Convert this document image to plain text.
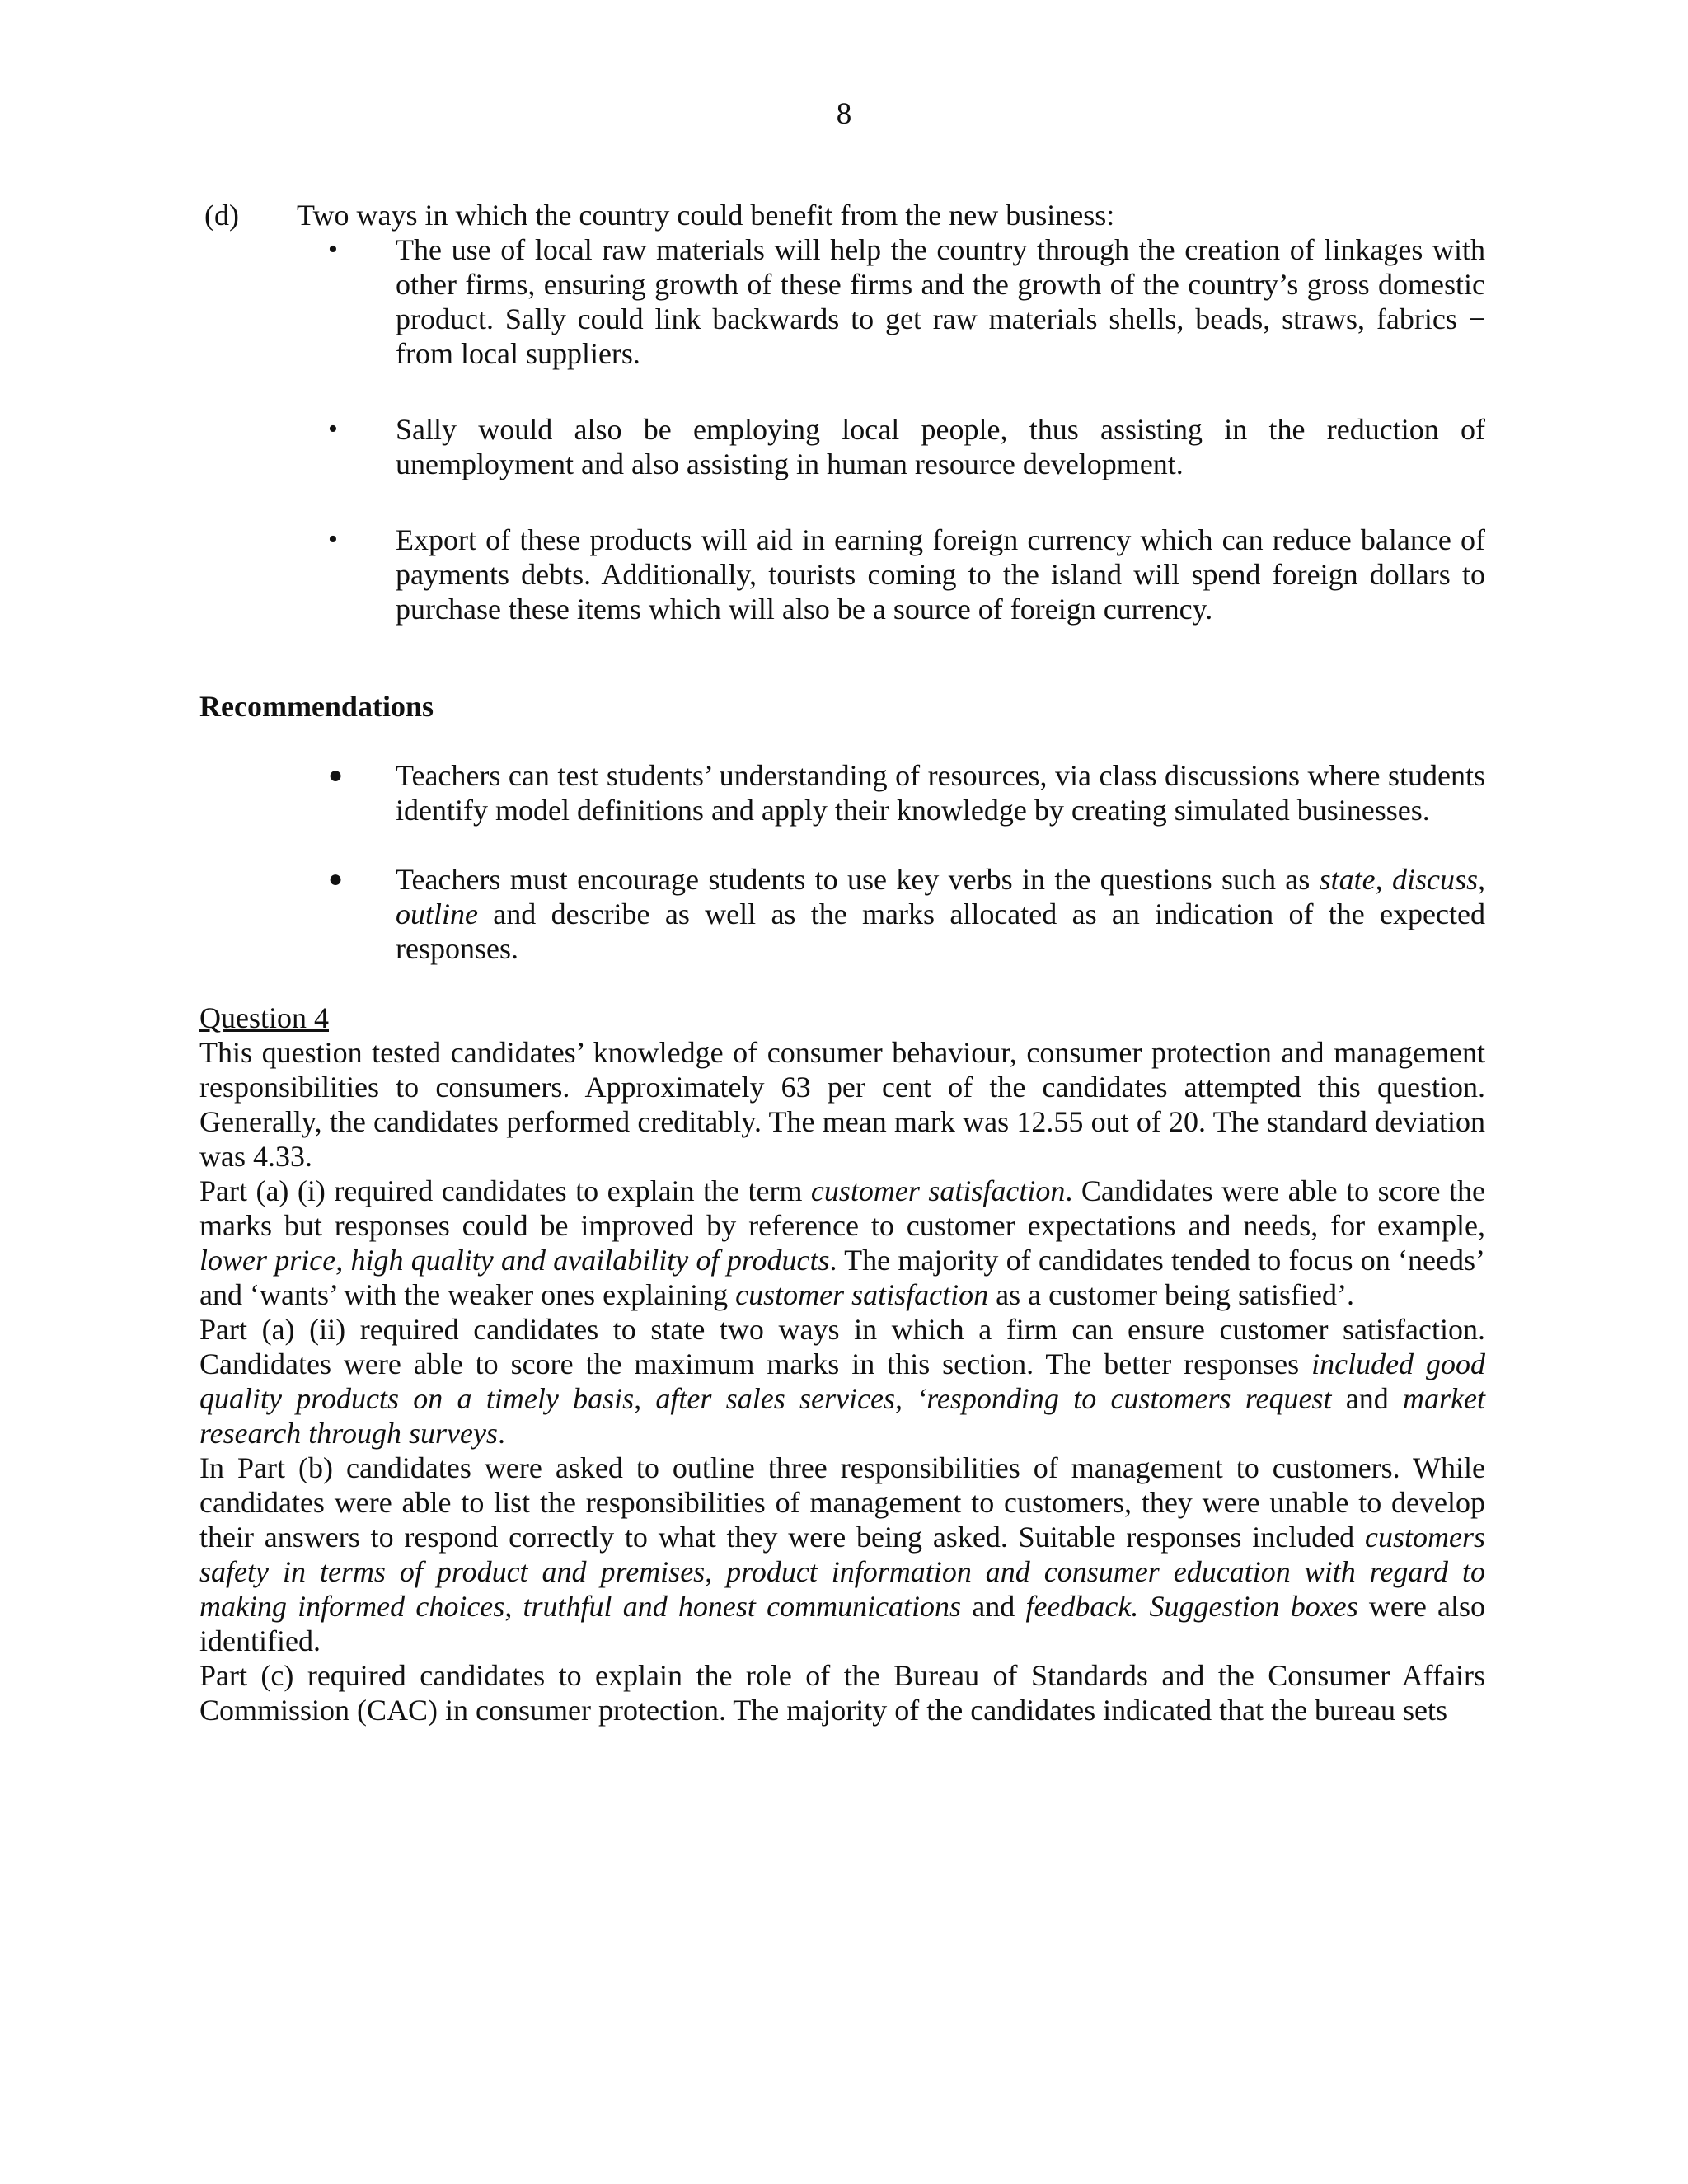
8
(d) Two ways in which the country could benefit from the new business:
• The use of local raw materials will help the country through the creation of linkages with other firms, ensuring growth of these firms and the growth of the country’s gross domestic product. Sally could link backwards to get raw materials shells, beads, straws, fabrics − from local suppliers.
• Sally would also be employing local people, thus assisting in the reduction of unemployment and also assisting in human resource development.
• Export of these products will aid in earning foreign currency which can reduce balance of payments debts. Additionally, tourists coming to the island will spend foreign dollars to purchase these items which will also be a source of foreign currency.

Recommendations

● Teachers can test students’ understanding of resources, via class discussions where students identify model definitions and apply their knowledge by creating simulated businesses.
● Teachers must encourage students to use key verbs in the questions such as state, discuss, outline and describe as well as the marks allocated as an indication of the expected responses.

Question 4

This question tested candidates’ knowledge of consumer behaviour, consumer protection and management responsibilities to consumers. Approximately 63 per cent of the candidates attempted this question. Generally, the candidates performed creditably. The mean mark was 12.55 out of 20. The standard deviation was 4.33.

Part (a) (i) required candidates to explain the term customer satisfaction. Candidates were able to score the marks but responses could be improved by reference to customer expectations and needs, for example, lower price, high quality and availability of products. The majority of candidates tended to focus on ‘needs’ and ‘wants’ with the weaker ones explaining customer satisfaction as a customer being satisfied’.

Part (a) (ii) required candidates to state two ways in which a firm can ensure customer satisfaction. Candidates were able to score the maximum marks in this section. The better responses included good quality products on a timely basis, after sales services, ‘responding to customers request and market research through surveys.

In Part (b) candidates were asked to outline three responsibilities of management to customers. While candidates were able to list the responsibilities of management to customers, they were unable to develop their answers to respond correctly to what they were being asked. Suitable responses included customers safety in terms of product and premises, product information and consumer education with regard to making informed choices, truthful and honest communications and feedback. Suggestion boxes were also identified.

Part (c) required candidates to explain the role of the Bureau of Standards and the Consumer Affairs Commission (CAC) in consumer protection. The majority of the candidates indicated that the bureau sets
